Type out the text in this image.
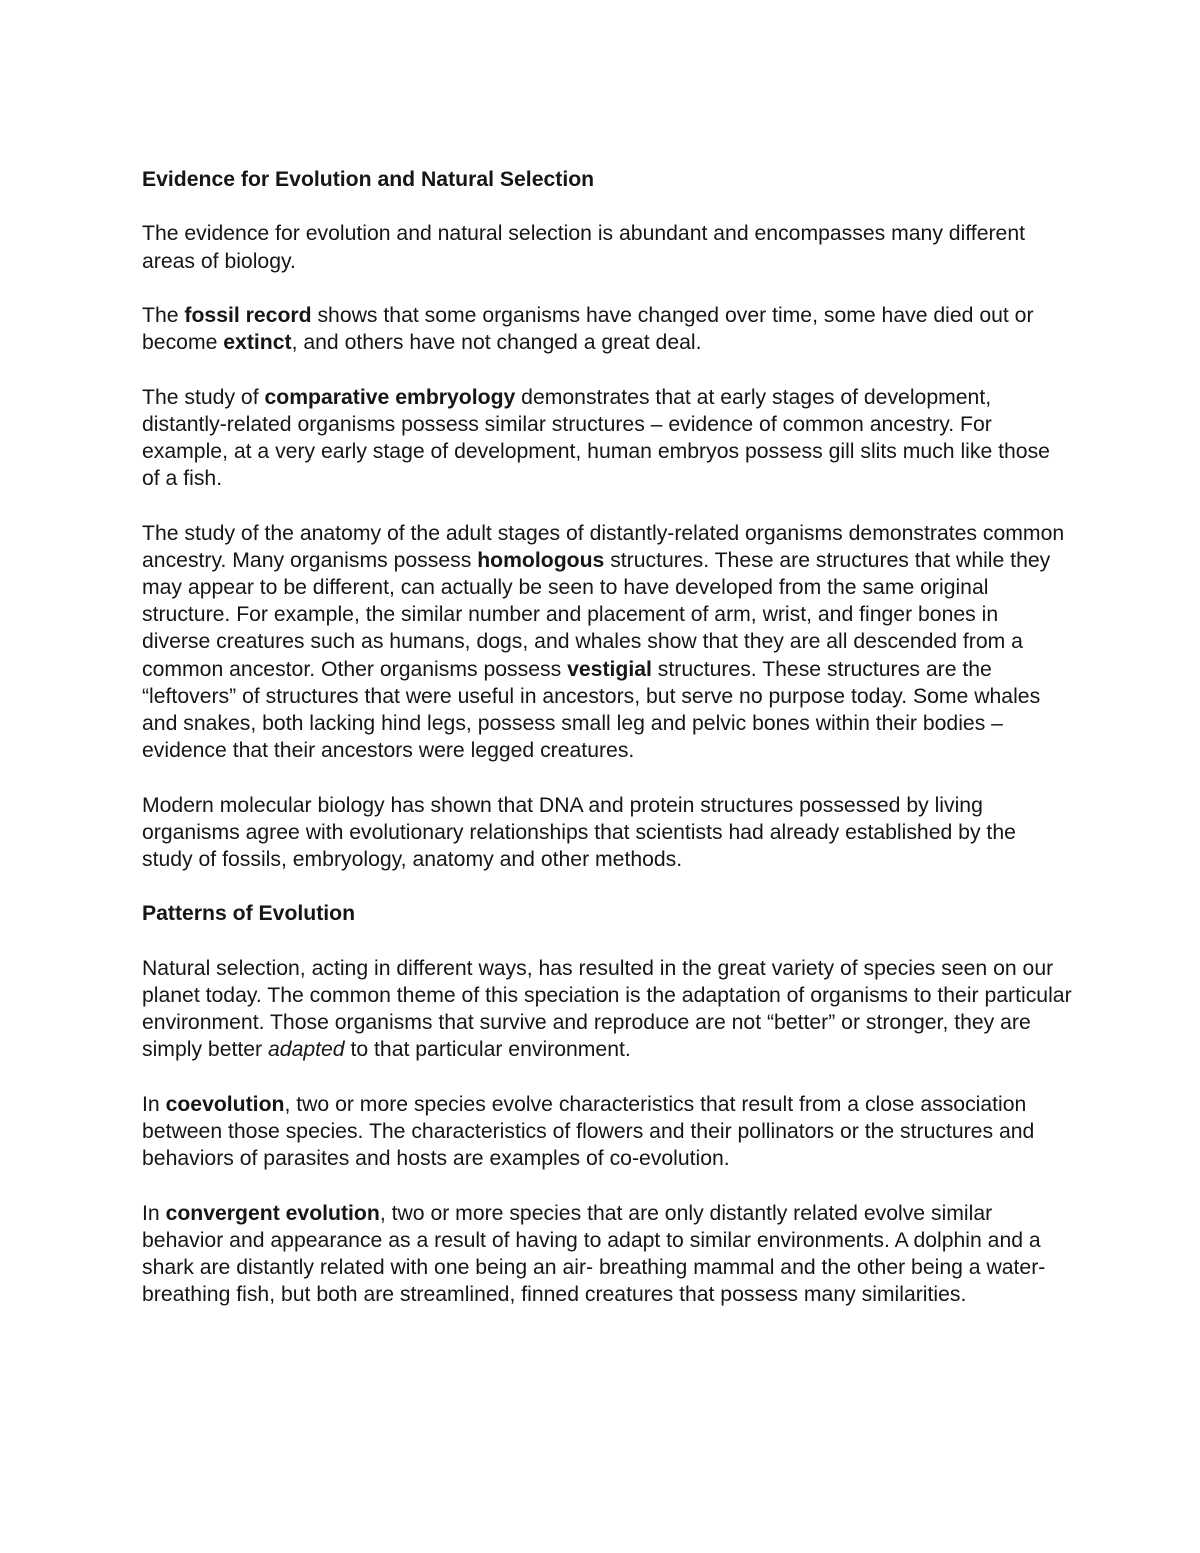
Evidence for Evolution and Natural Selection

The evidence for evolution and natural selection is abundant and encompasses many different areas of biology.

The fossil record shows that some organisms have changed over time, some have died out or become extinct, and others have not changed a great deal.

The study of comparative embryology demonstrates that at early stages of development, distantly-related organisms possess similar structures – evidence of common ancestry. For example, at a very early stage of development, human embryos possess gill slits much like those of a fish.

The study of the anatomy of the adult stages of distantly-related organisms demonstrates common ancestry. Many organisms possess homologous structures. These are structures that while they may appear to be different, can actually be seen to have developed from the same original structure. For example, the similar number and placement of arm, wrist, and finger bones in diverse creatures such as humans, dogs, and whales show that they are all descended from a common ancestor. Other organisms possess vestigial structures. These structures are the “leftovers” of structures that were useful in ancestors, but serve no purpose today. Some whales and snakes, both lacking hind legs, possess small leg and pelvic bones within their bodies – evidence that their ancestors were legged creatures.

Modern molecular biology has shown that DNA and protein structures possessed by living organisms agree with evolutionary relationships that scientists had already established by the study of fossils, embryology, anatomy and other methods.

Patterns of Evolution

Natural selection, acting in different ways, has resulted in the great variety of species seen on our planet today. The common theme of this speciation is the adaptation of organisms to their particular environment. Those organisms that survive and reproduce are not “better” or stronger, they are simply better adapted to that particular environment.

In coevolution, two or more species evolve characteristics that result from a close association between those species. The characteristics of flowers and their pollinators or the structures and behaviors of parasites and hosts are examples of co-evolution.

In convergent evolution, two or more species that are only distantly related evolve similar behavior and appearance as a result of having to adapt to similar environments. A dolphin and a shark are distantly related with one being an air- breathing mammal and the other being a water-breathing fish, but both are streamlined, finned creatures that possess many similarities.
